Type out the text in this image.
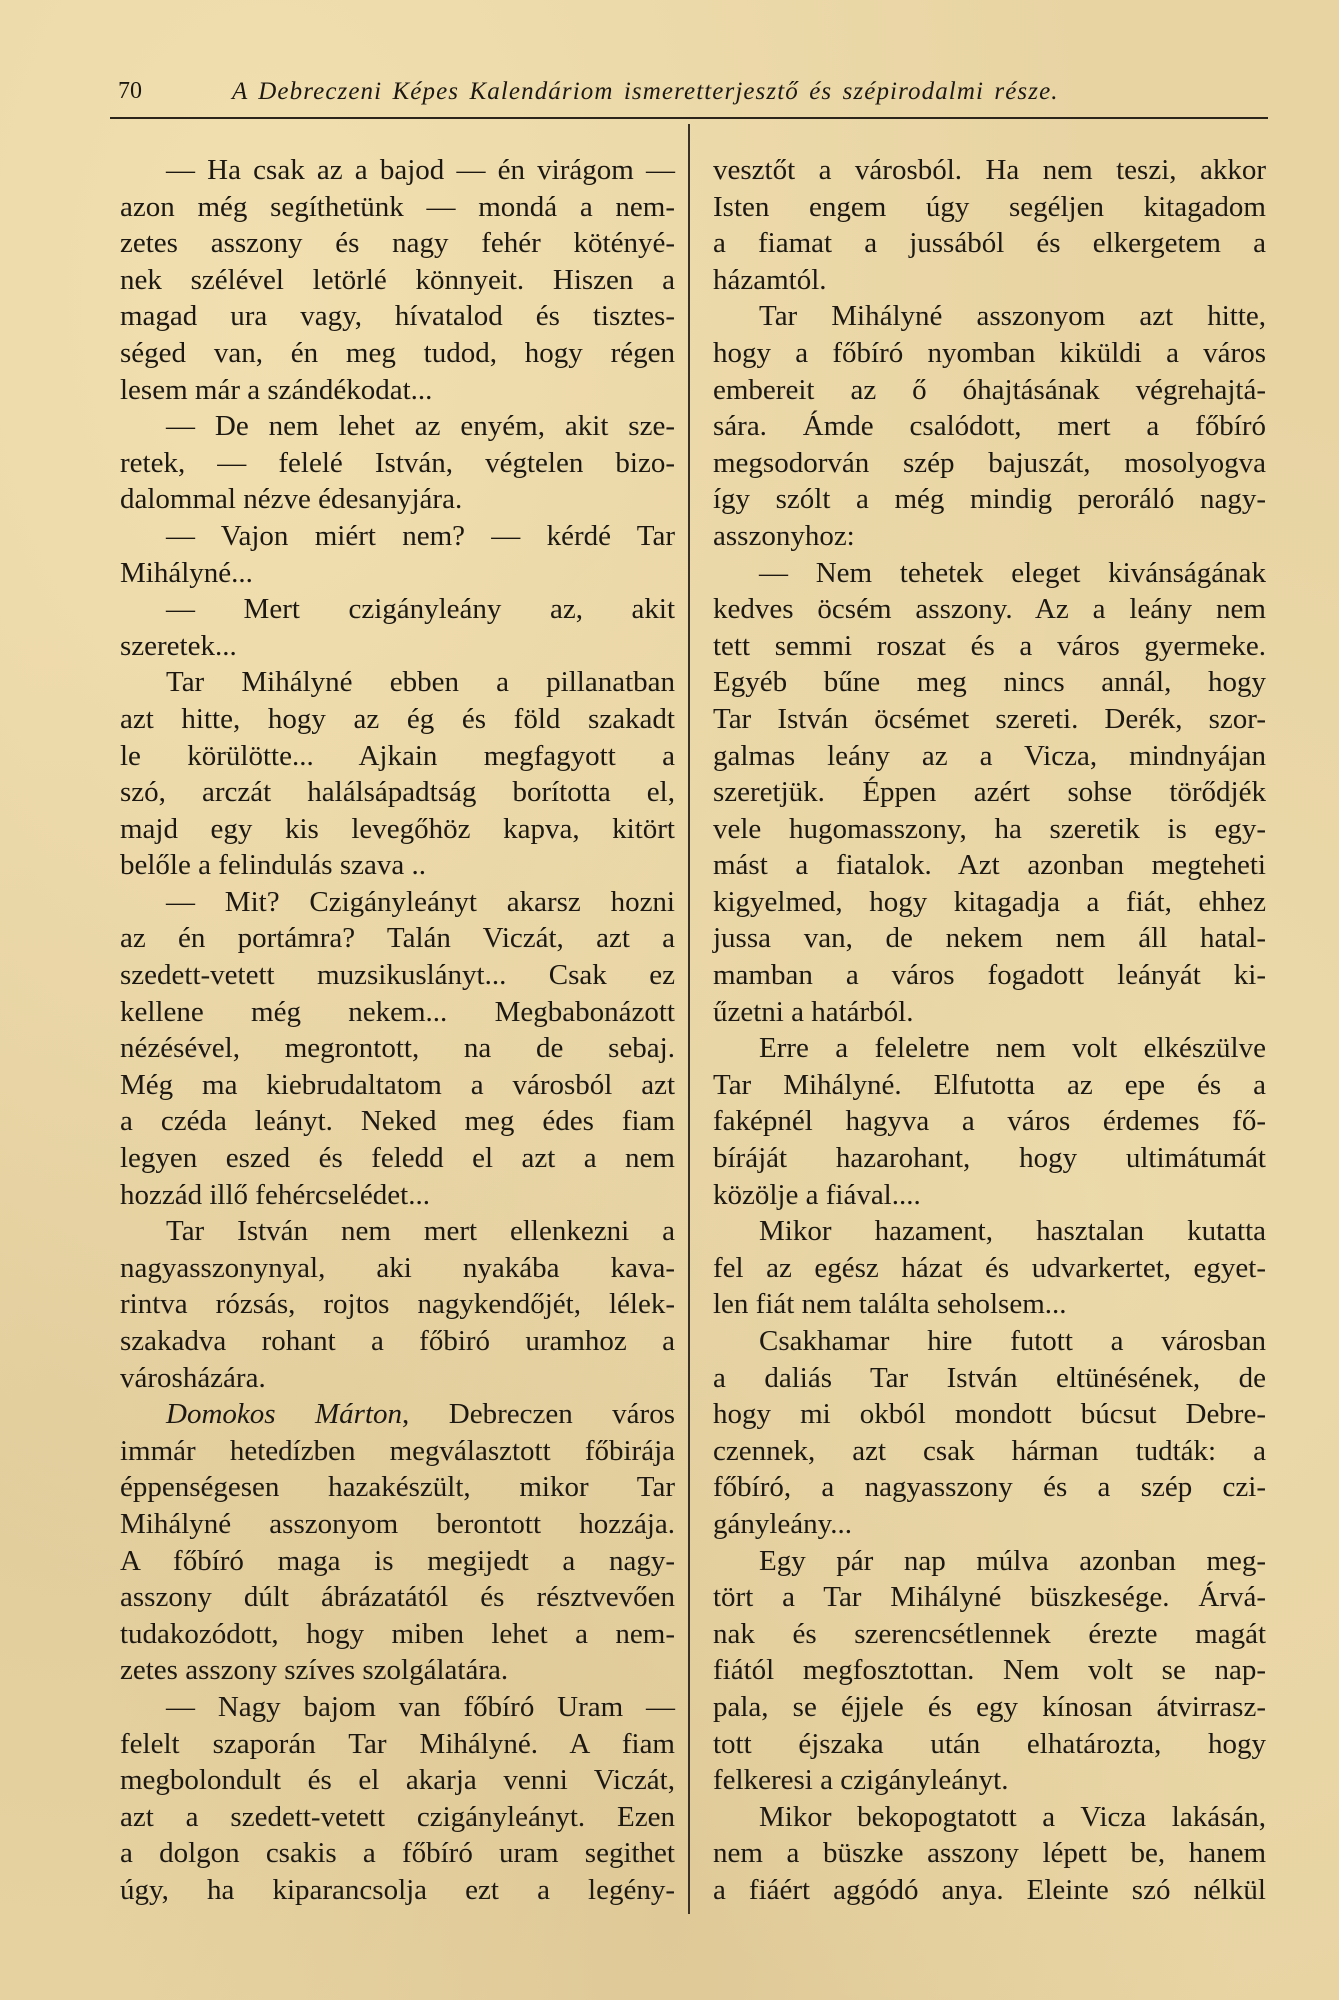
70	A Debreczeni Képes Kalendáriom ismeretterjesztő és szépirodalmi része.
— Ha csak az a bajod — én virágom —
azon még segíthetünk — mondá a nem-
zetes asszony és nagy fehér kötényé-
nek szélével letörlé könnyeit. Hiszen a
magad ura vagy, hívatalod és tisztes-
séged van, én meg tudod, hogy régen
lesem már a szándékodat...
— De nem lehet az enyém, akit sze-
retek, — felelé István, végtelen bizo-
dalommal nézve édesanyjára.
— Vajon miért nem? — kérdé Tar
Mihályné...
— Mert czigányleány az, akit
szeretek...
Tar Mihályné ebben a pillanatban
azt hitte, hogy az ég és föld szakadt
le körülötte... Ajkain megfagyott a
szó, arczát halálsápadtság borította el,
majd egy kis levegőhöz kapva, kitört
belőle a felindulás szava ..
— Mit? Czigányleányt akarsz hozni
az én portámra? Talán Viczát, azt a
szedett-vetett muzsikuslányt... Csak ez
kellene még nekem... Megbabonázott
nézésével, megrontott, na de sebaj.
Még ma kiebrudaltatom a városból azt
a czéda leányt. Neked meg édes fiam
legyen eszed és feledd el azt a nem
hozzád illő fehércselédet...
Tar István nem mert ellenkezni a
nagyasszonynyal, aki nyakába kava-
rintva rózsás, rojtos nagykendőjét, lélek-
szakadva rohant a főbiró uramhoz a
városházára.
Domokos Márton, Debreczen város
immár hetedízben megválasztott főbirája
éppenségesen hazakészült, mikor Tar
Mihályné asszonyom berontott hozzája.
A főbíró maga is megijedt a nagy-
asszony dúlt ábrázatától és résztvevően
tudakozódott, hogy miben lehet a nem-
zetes asszony szíves szolgálatára.
— Nagy bajom van főbíró Uram —
felelt szaporán Tar Mihályné. A fiam
megbolondult és el akarja venni Viczát,
azt a szedett-vetett czigányleányt. Ezen
a dolgon csakis a főbíró uram segithet
úgy, ha kiparancsolja ezt a legény-
vesztőt a városból. Ha nem teszi, akkor
Isten engem úgy segéljen kitagadom
a fiamat a jussából és elkergetem a
házamtól.
Tar Mihályné asszonyom azt hitte,
hogy a főbíró nyomban kiküldi a város
embereit az ő óhajtásának végrehajtá-
sára. Ámde csalódott, mert a főbíró
megsodorván szép bajuszát, mosolyogva
így szólt a még mindig peroráló nagy-
asszonyhoz:
— Nem tehetek eleget kivánságának
kedves öcsém asszony. Az a leány nem
tett semmi roszat és a város gyermeke.
Egyéb bűne meg nincs annál, hogy
Tar István öcsémet szereti. Derék, szor-
galmas leány az a Vicza, mindnyájan
szeretjük. Éppen azért sohse törődjék
vele hugomasszony, ha szeretik is egy-
mást a fiatalok. Azt azonban megteheti
kigyelmed, hogy kitagadja a fiát, ehhez
jussa van, de nekem nem áll hatal-
mamban a város fogadott leányát ki-
űzetni a határból.
Erre a feleletre nem volt elkészülve
Tar Mihályné. Elfutotta az epe és a
faképnél hagyva a város érdemes fő-
bíráját hazarohant, hogy ultimátumát
közölje a fiával....
Mikor hazament, hasztalan kutatta
fel az egész házat és udvarkertet, egyet-
len fiát nem találta seholsem...
Csakhamar hire futott a városban
a daliás Tar István eltünésének, de
hogy mi okból mondott búcsut Debre-
czennek, azt csak hárman tudták: a
főbíró, a nagyasszony és a szép czi-
gányleány...
Egy pár nap múlva azonban meg-
tört a Tar Mihályné büszkesége. Árvá-
nak és szerencsétlennek érezte magát
fiától megfosztottan. Nem volt se nap-
pala, se éjjele és egy kínosan átvirrasz-
tott éjszaka után elhatározta, hogy
felkeresi a czigányleányt.
Mikor bekopogtatott a Vicza lakásán,
nem a büszke asszony lépett be, hanem
a fiáért aggódó anya. Eleinte szó nélkül
